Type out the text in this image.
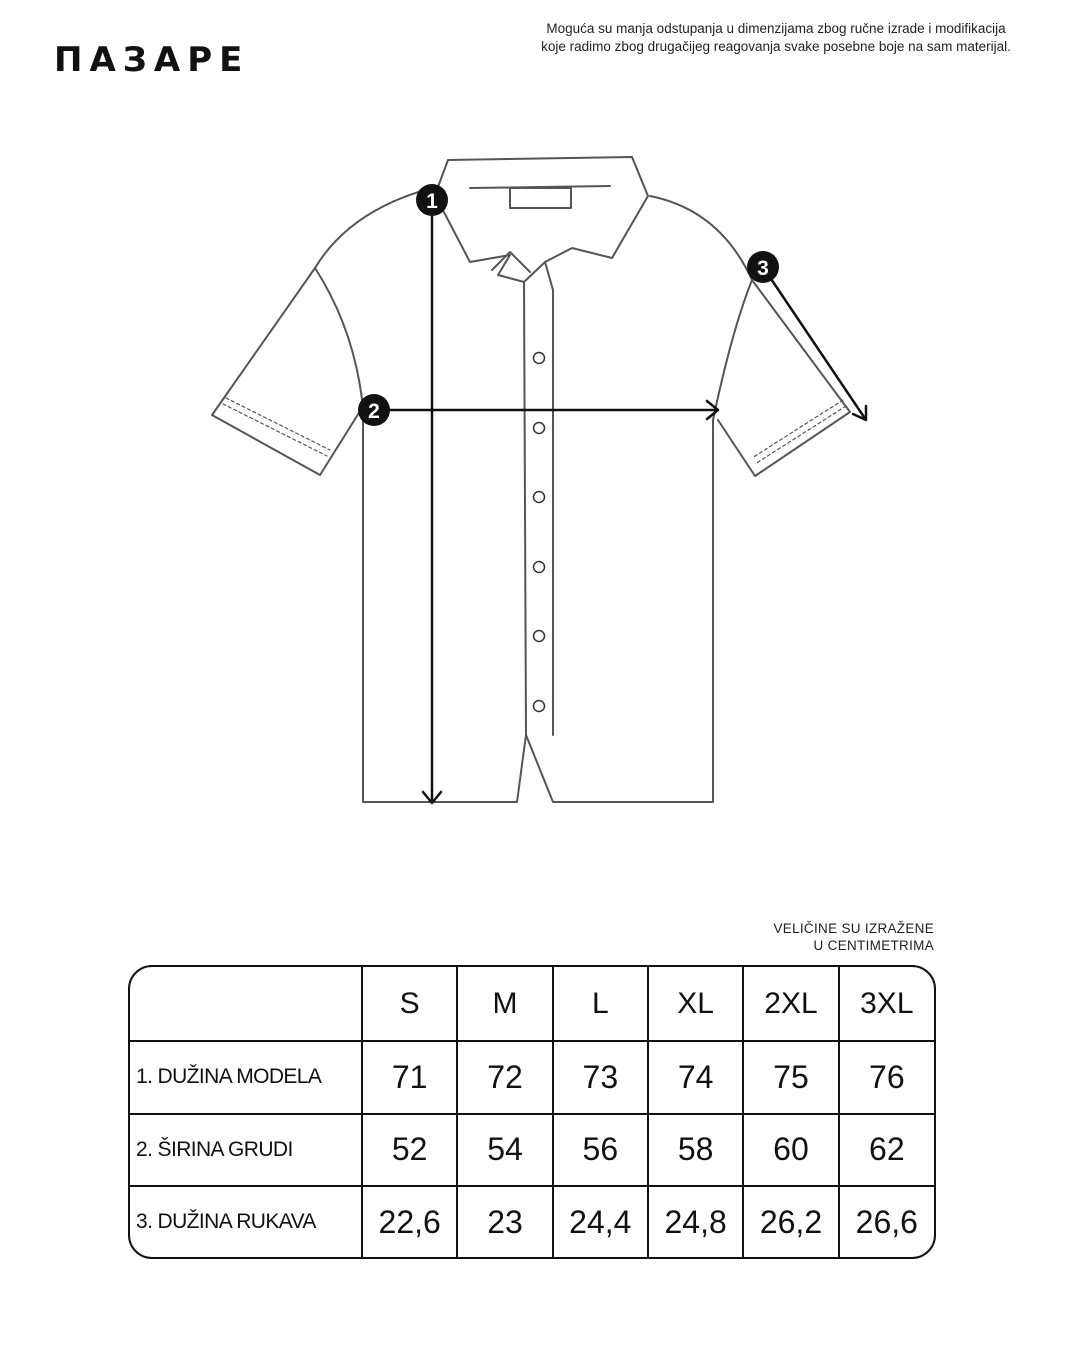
ΠΑЗΑΡΕ
Moguća su manja odstupanja u dimenzijama zbog ručne izrade i modifikacija
koje radimo zbog drugačijeg reagovanja svake posebne boje na sam materijal.
1
2
3
VELIČINE SU IZRAŽENE
U CENTIMETRIMA
	S	M	L	XL	2XL	3XL
1. DUŽINA MODELA	71	72	73	74	75	76
2. ŠIRINA GRUDI	52	54	56	58	60	62
3. DUŽINA RUKAVA	22,6	23	24,4	24,8	26,2	26,6
